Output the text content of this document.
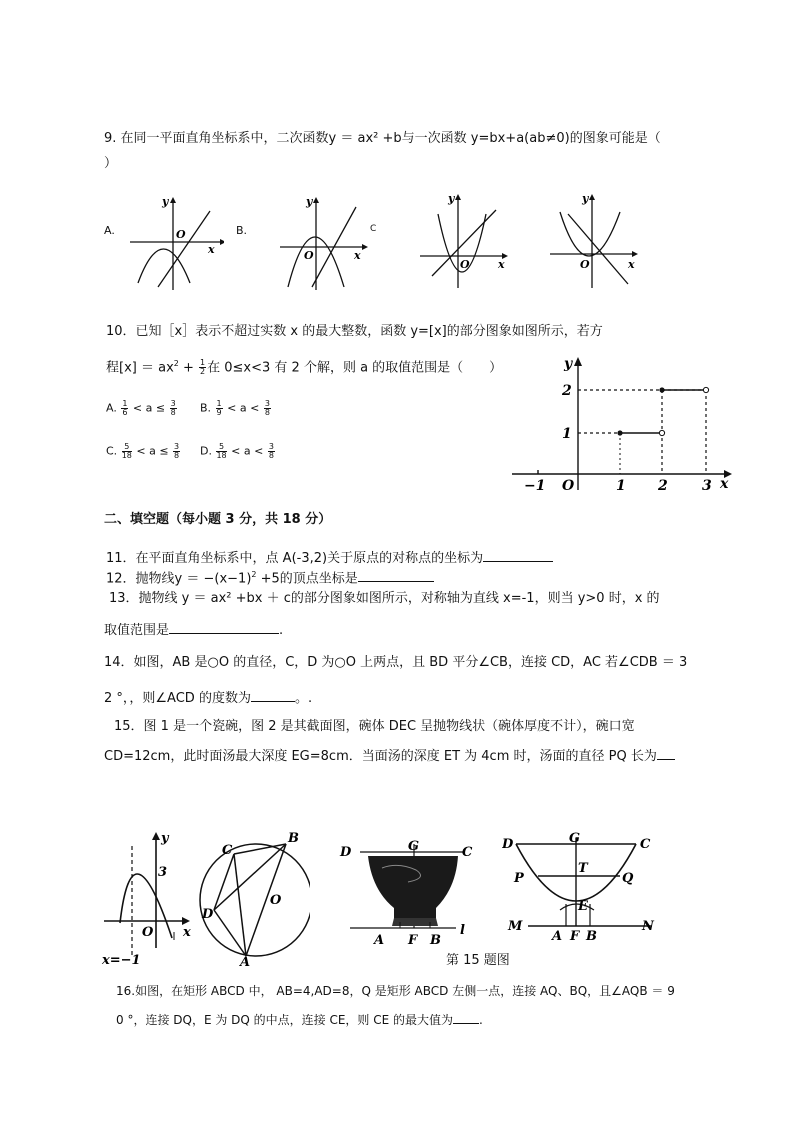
9. 在同一平面直角坐标系中，二次函数y ＝ ax² +b与一次函数 y=bx+a(ab≠0)的图象可能是（
）
A.	B.	C
y
x
O
y
x
O
y
x
O
y
x
O
10．已知［x］表示不超过实数 x 的最大整数，函数 y=[x]的部分图象如图所示，若方
程$[x] = ax^2 + \frac{1}{2}$ 在 0≤x<3 有 2 个解，则 a 的取值范围是（　　）
A. $\frac{1}{6} < a \le \frac{3}{8} B$. $\frac{1}{9} < a < \frac{3}{8}$
C. $\frac{5}{18} < a \le \frac{3}{8} D$. $\frac{5}{18} < a < \frac{3}{8}$
y
x
O
2
1
−1	1 2 3
二、填空题（每小题 3 分，共 18 分）
11．在平面直角坐标系中，点 A(-3,2)关于原点的对称点的坐标为
12．抛物线$y = -(x-1)^2 +5$的顶点坐标是
13．抛物线 y ＝ ax² +bx ＋ c的部分图象如图所示，对称轴为直线 x=-1，则当 y>0 时，x 的
取值范围是	.
14．如图，AB 是○O 的直径，C，D 为○O 上两点，且 BD 平分∠CB，连接 CD，AC 若∠CDB ＝ 3
2 °，，则∠ACD 的度数为	。.
15．图 1 是一个瓷碗，图 2 是其截面图，碗体 DEC 呈抛物线状（碗体厚度不计），碗口宽
CD=12cm，此时面汤最大深度 EG=8cm．当面汤的深度 ET 为 4cm 时，汤面的直径 PQ 长为
y
x
O
3
x=−1
B
C
D
A
O
D	G	C
A F B
l
D	G	C
T
P	Q
E
M
A F B
N
第 15 题图
16.如图，在矩形 ABCD 中， AB=4,AD=8，Q 是矩形 ABCD 左侧一点，连接 AQ、BQ，且∠AQB ＝ 9
0 °，连接 DQ，E 为 DQ 的中点，连接 CE，则 CE 的最大值为 .
